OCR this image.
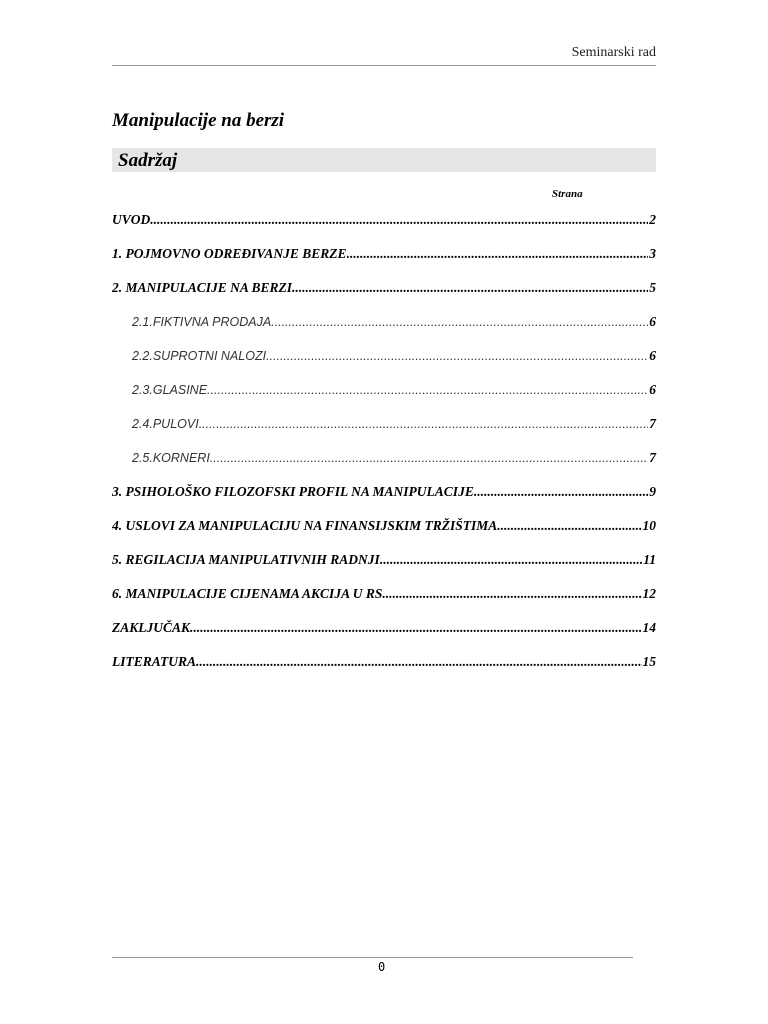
Seminarski rad
Manipulacije na berzi
Sadržaj
Strana
UVOD .....	2
1. POJMOVNO ODREĐIVANJE BERZE .....	3
2. MANIPULACIJE NA BERZI .....	5
2.1.FIKTIVNA PRODAJA .....	6
2.2.SUPROTNI NALOZI .....	6
2.3.GLASINE .....	6
2.4.PULOVI .....	7
2.5.KORNERI .....	7
3. PSIHOLOŠKO FILOZOFSKI PROFIL NA MANIPULACIJE .....	9
4. USLOVI ZA MANIPULACIJU NA FINANSIJSKIM TRŽIŠTIMA .....	10
5. REGILACIJA MANIPULATIVNIH RADNJI .....	11
6. MANIPULACIJE CIJENAMA AKCIJA U RS .....	12
ZAKLJUČAK .....	14
LITERATURA .....	15
0
